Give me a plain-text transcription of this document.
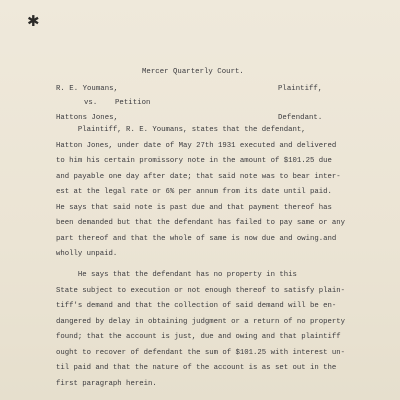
✱
Mercer Quarterly Court.
R. E. Youmans,	Plaintiff,
vs.    Petition
Hattons Jones,	Defendant.
Plaintiff, R. E. Youmans, states that the defendant,
Hatton Jones, under date of May 27th 1931 executed and delivered
to him his certain promissory note in the amount of $101.25 due
and payable one day after date; that said note was to bear inter-
est at the legal rate or 6% per annum from its date until paid.
He says that said note is past due and that payment thereof has
been demanded but that the defendant has failed to pay same or any
part thereof and that the whole of same is now due and owing.and
wholly unpaid.
He says that the defendant has no property in this
State subject to execution or not enough thereof to satisfy plain-
tiff's demand and that the collection of said demand will be en-
dangered by delay in obtaining judgment or a return of no property
found; that the account is just, due and owing and that plaintiff
ought to recover of defendant the sum of $101.25 with interest un-
til paid and that the nature of the account is as set out in the
first paragraph herein.
